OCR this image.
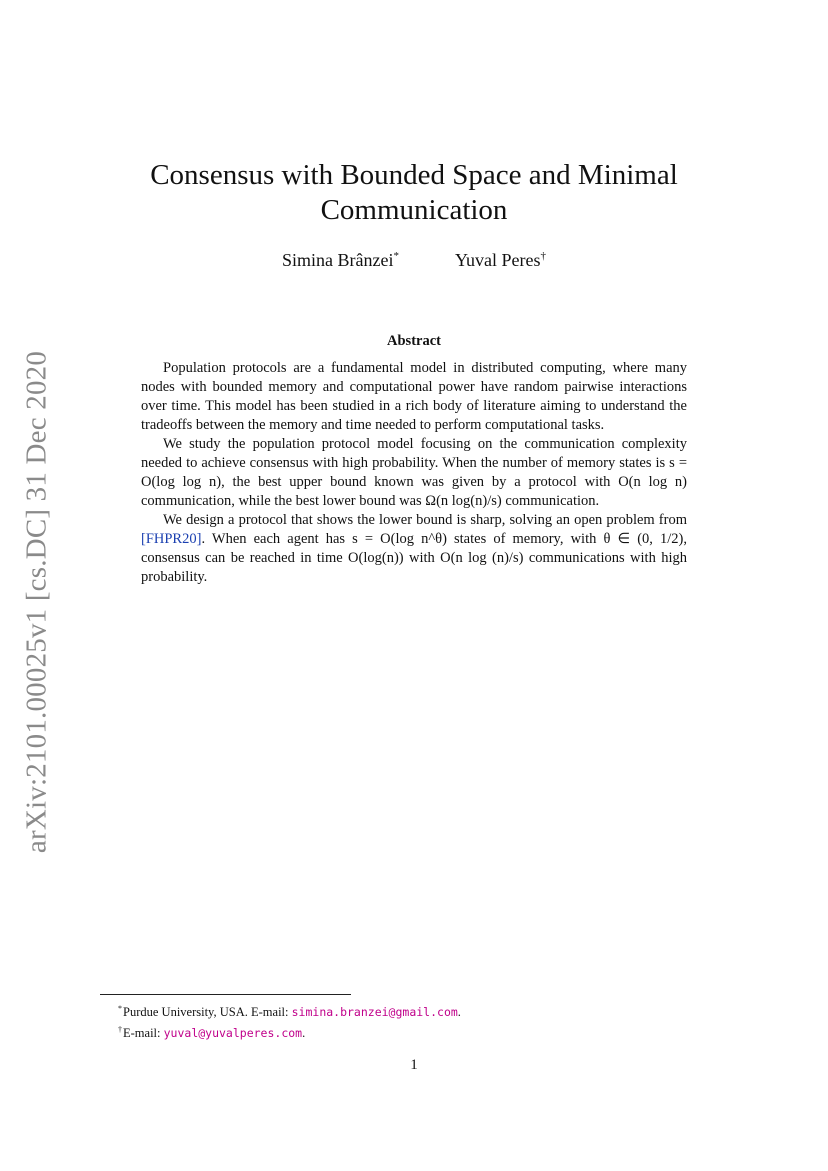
arXiv:2101.00025v1 [cs.DC] 31 Dec 2020
Consensus with Bounded Space and Minimal Communication
Simina Brânzei*	Yuval Peres†
Abstract

Population protocols are a fundamental model in distributed computing, where many nodes with bounded memory and computational power have random pairwise interactions over time. This model has been studied in a rich body of literature aiming to understand the tradeoffs between the memory and time needed to perform computational tasks.

We study the population protocol model focusing on the communication complexity needed to achieve consensus with high probability. When the number of memory states is s = O(log log n), the best upper bound known was given by a protocol with O(n log n) communication, while the best lower bound was Ω(n log(n)/s) communication.

We design a protocol that shows the lower bound is sharp, solving an open problem from [FHPR20]. When each agent has s = O(log n^θ) states of memory, with θ ∈ (0, 1/2), consensus can be reached in time O(log(n)) with O(n log (n)/s) communications with high probability.

*Purdue University, USA. E-mail: simina.branzei@gmail.com.
†E-mail: yuval@yuvalperes.com.
1
